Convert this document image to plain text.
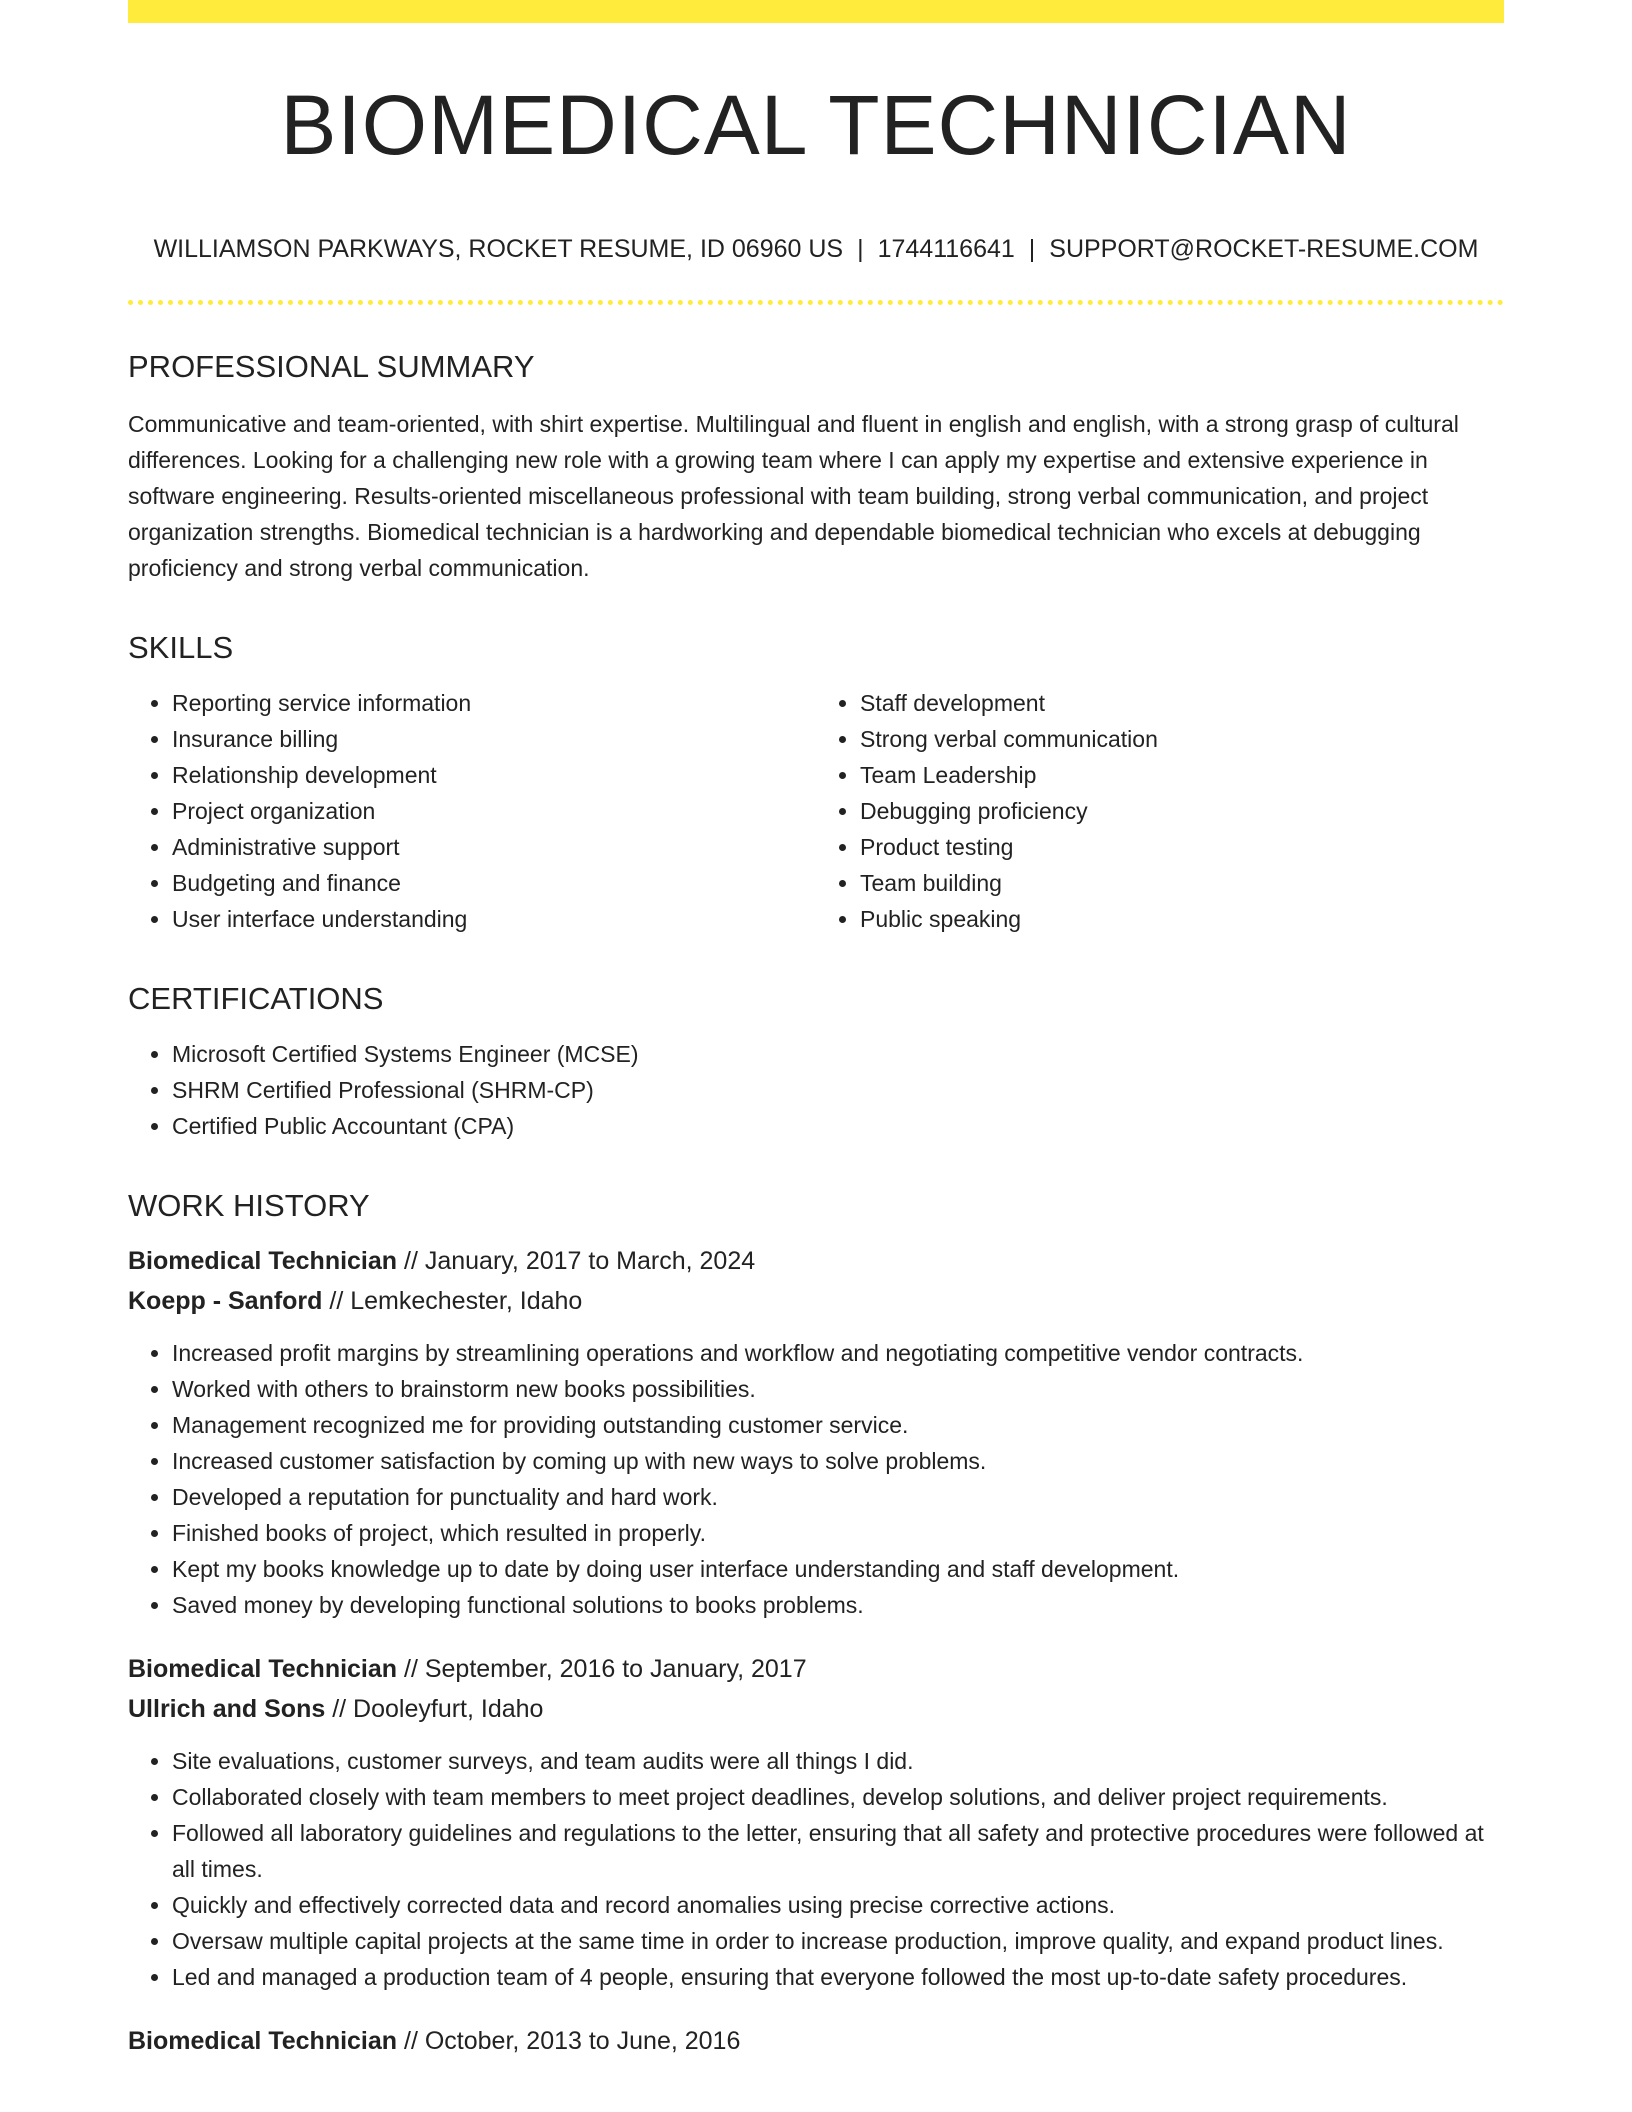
BIOMEDICAL TECHNICIAN
WILLIAMSON PARKWAYS, ROCKET RESUME, ID 06960 US | 1744116641 | SUPPORT@ROCKET-RESUME.COM
PROFESSIONAL SUMMARY

Communicative and team-oriented, with shirt expertise. Multilingual and fluent in english and english, with a strong grasp of cultural differences. Looking for a challenging new role with a growing team where I can apply my expertise and extensive experience in software engineering. Results-oriented miscellaneous professional with team building, strong verbal communication, and project organization strengths. Biomedical technician is a hardworking and dependable biomedical technician who excels at debugging proficiency and strong verbal communication.

SKILLS
• Reporting service information
• Insurance billing
• Relationship development
• Project organization
• Administrative support
• Budgeting and finance
• User interface understanding
• Staff development
• Strong verbal communication
• Team Leadership
• Debugging proficiency
• Product testing
• Team building
• Public speaking
CERTIFICATIONS
• Microsoft Certified Systems Engineer (MCSE)
• SHRM Certified Professional (SHRM-CP)
• Certified Public Accountant (CPA)
WORK HISTORY
Biomedical Technician // January, 2017 to March, 2024
Koepp - Sanford // Lemkechester, Idaho
• Increased profit margins by streamlining operations and workflow and negotiating competitive vendor contracts.
• Worked with others to brainstorm new books possibilities.
• Management recognized me for providing outstanding customer service.
• Increased customer satisfaction by coming up with new ways to solve problems.
• Developed a reputation for punctuality and hard work.
• Finished books of project, which resulted in properly.
• Kept my books knowledge up to date by doing user interface understanding and staff development.
• Saved money by developing functional solutions to books problems.
Biomedical Technician // September, 2016 to January, 2017
Ullrich and Sons // Dooleyfurt, Idaho
• Site evaluations, customer surveys, and team audits were all things I did.
• Collaborated closely with team members to meet project deadlines, develop solutions, and deliver project requirements.
• Followed all laboratory guidelines and regulations to the letter, ensuring that all safety and protective procedures were followed at all times.
• Quickly and effectively corrected data and record anomalies using precise corrective actions.
• Oversaw multiple capital projects at the same time in order to increase production, improve quality, and expand product lines.
• Led and managed a production team of 4 people, ensuring that everyone followed the most up-to-date safety procedures.
Biomedical Technician // October, 2013 to June, 2016
